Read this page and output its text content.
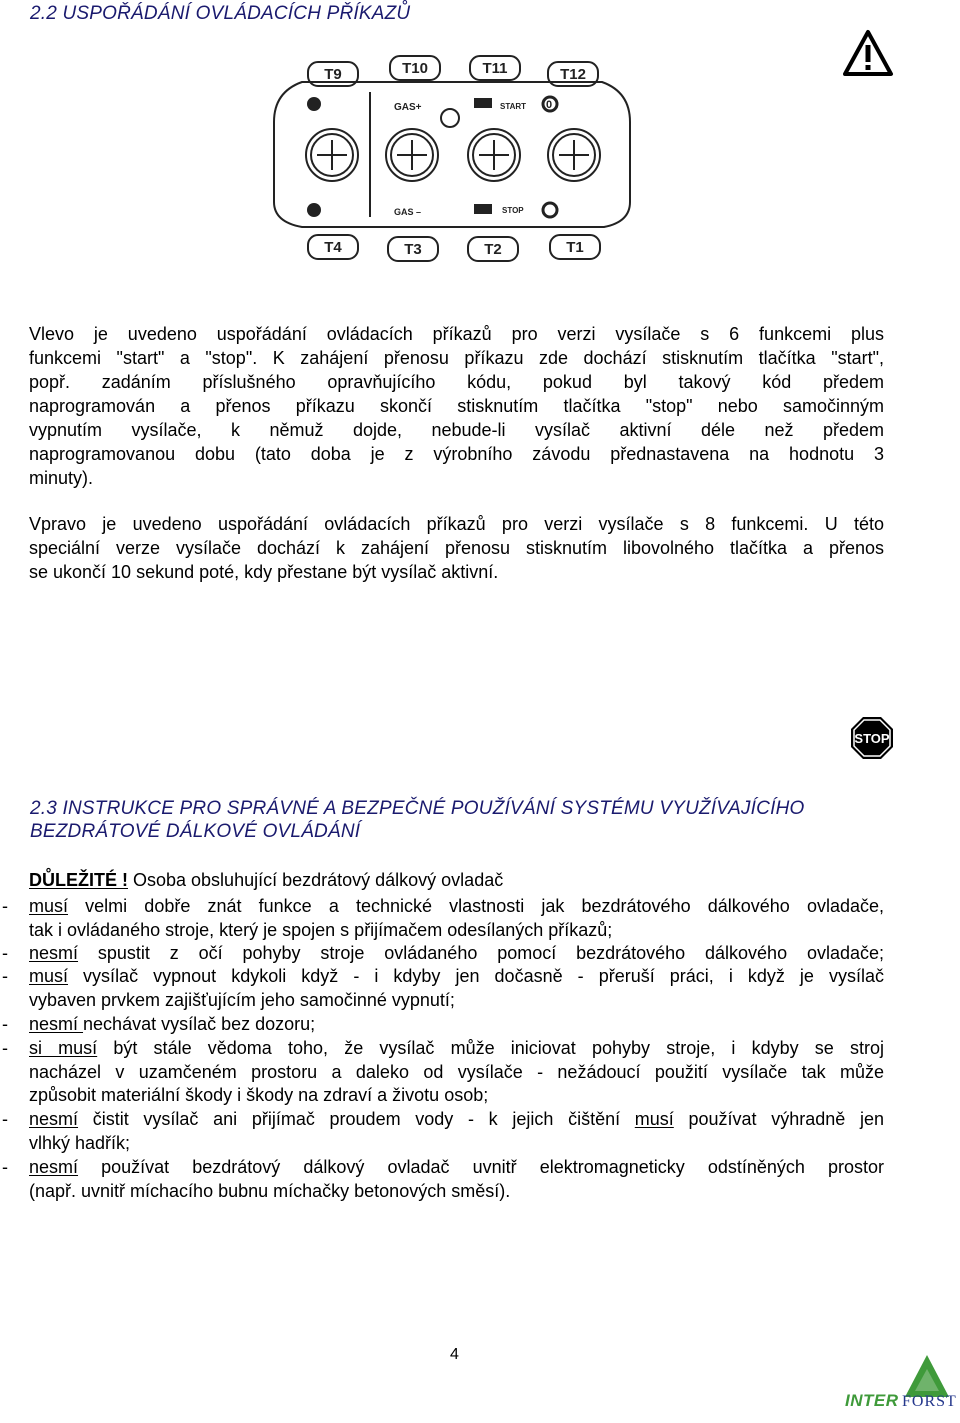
2.2 USPOŘÁDÁNÍ OVLÁDACÍCH PŘÍKAZŮ
T9	T10	T11	T12
T4	T3	T2	T1
GAS+
GAS –
START
STOP
0
Vlevo je uvedeno uspořádání ovládacích příkazů pro verzi vysílače s 6 funkcemi plus
funkcemi "start" a "stop". K zahájení přenosu příkazu zde dochází stisknutím tlačítka "start",
popř. zadáním příslušného opravňujícího kódu, pokud byl takový kód předem
naprogramován a přenos příkazu skončí stisknutím tlačítka "stop" nebo samočinným
vypnutím vysílače, k němuž dojde, nebude-li vysílač aktivní déle než předem
naprogramovanou dobu (tato doba je z výrobního závodu přednastavena na hodnotu 3
minuty).
Vpravo je uvedeno uspořádání ovládacích příkazů pro verzi vysílače s 8 funkcemi. U této
speciální verze vysílače dochází k zahájení přenosu stisknutím libovolného tlačítka a přenos
se ukončí 10 sekund poté, kdy přestane být vysílač aktivní.
STOP
2.3 INSTRUKCE PRO SPRÁVNÉ A BEZPEČNÉ POUŽÍVÁNÍ SYSTÉMU VYUŽÍVAJÍCÍHO
BEZDRÁTOVÉ DÁLKOVÉ OVLÁDÁNÍ
DŮLEŽITÉ ! Osoba obsluhující bezdrátový dálkový ovladač
- musí velmi dobře znát funkce a technické vlastnosti jak bezdrátového dálkového ovladače,
tak i ovládaného stroje, který je spojen s přijímačem odesílaných příkazů;
- nesmí spustit z očí pohyby stroje ovládaného pomocí bezdrátového dálkového ovladače;
- musí vysílač vypnout kdykoli když - i kdyby jen dočasně - přeruší práci, i když je vysílač
vybaven prvkem zajišťujícím jeho samočinné vypnutí;
- nesmí nechávat vysílač bez dozoru;
- si musí být stále vědoma toho, že vysílač může iniciovat pohyby stroje, i kdyby se stroj
nacházel v uzamčeném prostoru a daleko od vysílače - nežádoucí použití vysílače tak může
způsobit materiální škody i škody na zdraví a životu osob;
- nesmí čistit vysílač ani přijímač proudem vody - k jejich čištění musí používat výhradně jen
vlhký hadřík;
- nesmí používat bezdrátový dálkový ovladač uvnitř elektromagneticky odstíněných prostor
(např. uvnitř míchacího bubnu míchačky betonových směsí).
4
INTER FORST
